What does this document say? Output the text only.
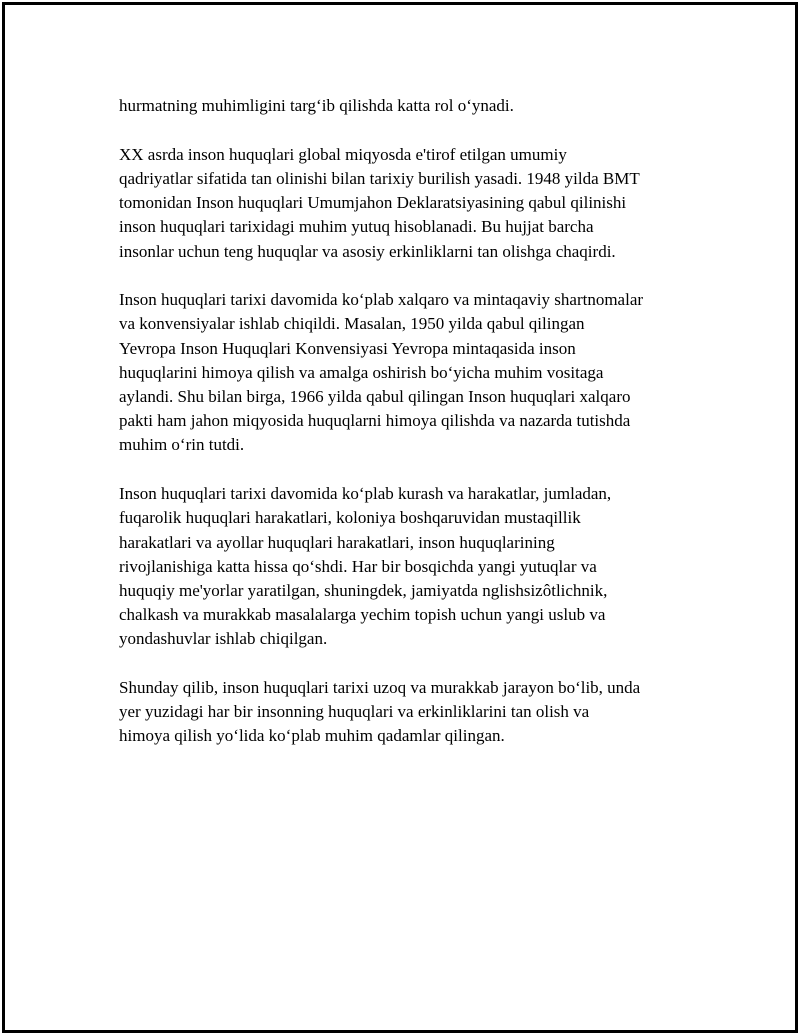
hurmatning muhimligini targ‘ib qilishda katta rol o‘ynadi.

XX asrda inson huquqlari global miqyosda e'tirof etilgan umumiy
qadriyatlar sifatida tan olinishi bilan tarixiy burilish yasadi. 1948 yilda BMT
tomonidan Inson huquqlari Umumjahon Deklaratsiyasining qabul qilinishi
inson huquqlari tarixidagi muhim yutuq hisoblanadi. Bu hujjat barcha
insonlar uchun teng huquqlar va asosiy erkinliklarni tan olishga chaqirdi.

Inson huquqlari tarixi davomida ko‘plab xalqaro va mintaqaviy shartnomalar
va konvensiyalar ishlab chiqildi. Masalan, 1950 yilda qabul qilingan
Yevropa Inson Huquqlari Konvensiyasi Yevropa mintaqasida inson
huquqlarini himoya qilish va amalga oshirish bo‘yicha muhim vositaga
aylandi. Shu bilan birga, 1966 yilda qabul qilingan Inson huquqlari xalqaro
pakti ham jahon miqyosida huquqlarni himoya qilishda va nazarda tutishda
muhim o‘rin tutdi.

Inson huquqlari tarixi davomida ko‘plab kurash va harakatlar, jumladan,
fuqarolik huquqlari harakatlari, koloniya boshqaruvidan mustaqillik
harakatlari va ayollar huquqlari harakatlari, inson huquqlarining
rivojlanishiga katta hissa qo‘shdi. Har bir bosqichda yangi yutuqlar va
huquqiy me'yorlar yaratilgan, shuningdek, jamiyatda nglishsizôtlichnik,
chalkash va murakkab masalalarga yechim topish uchun yangi uslub va
yondashuvlar ishlab chiqilgan.

Shunday qilib, inson huquqlari tarixi uzoq va murakkab jarayon bo‘lib, unda
yer yuzidagi har bir insonning huquqlari va erkinliklarini tan olish va
himoya qilish yo‘lida ko‘plab muhim qadamlar qilingan.
